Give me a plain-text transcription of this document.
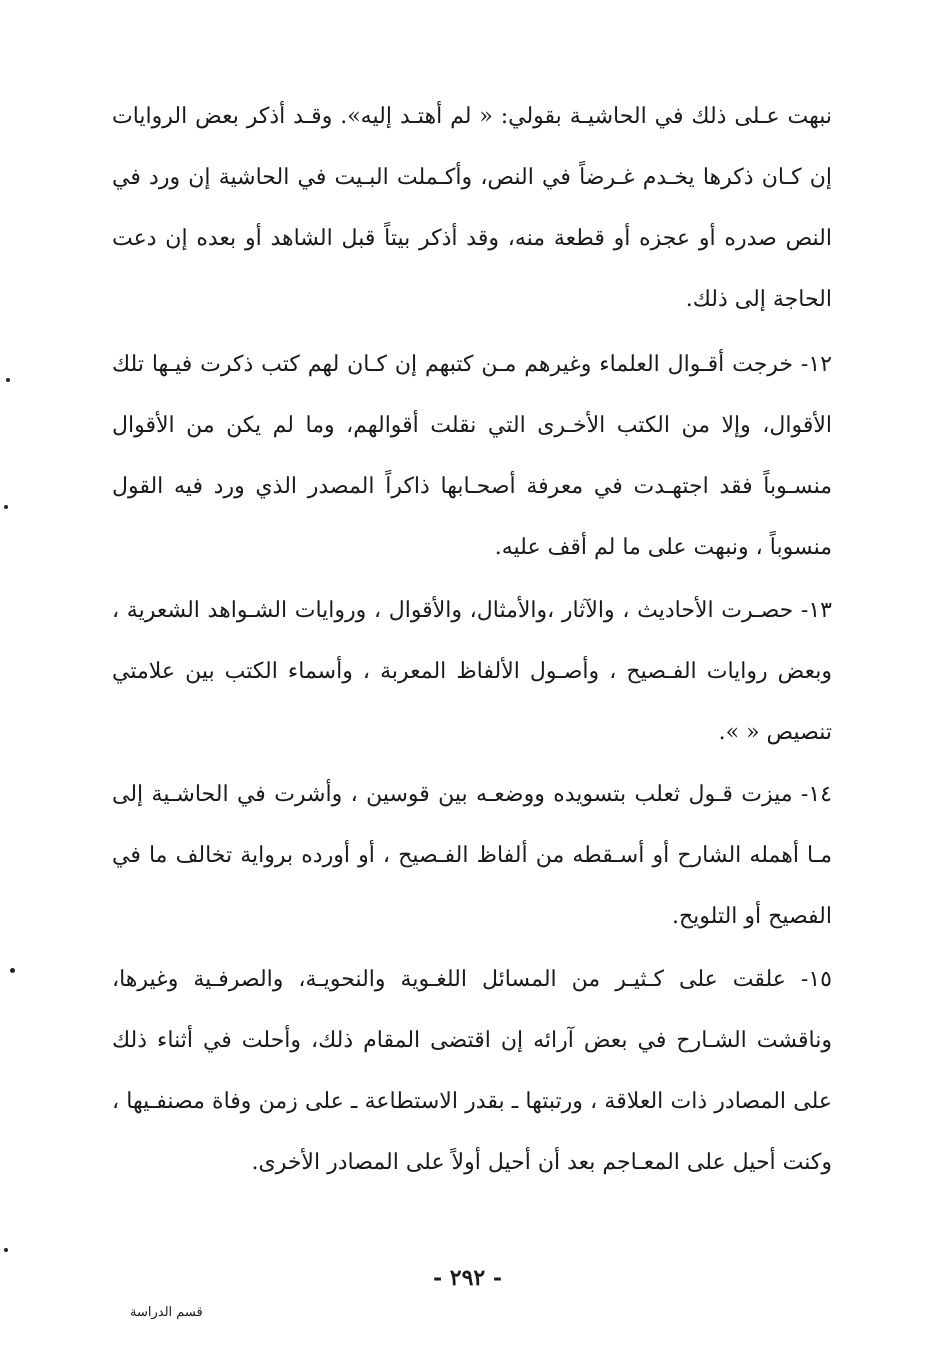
نبهت عـلى ذلك في الحاشيـة بقولي: « لم أهتـد إليه». وقـد أذكر بعض الروايات إن كـان ذكرها يخـدم غـرضاً في النص، وأكـملت البـيت في الحاشية إن ورد في النص صدره أو عجزه أو قطعة منه، وقد أذكر بيتاً قبل الشاهد أو بعده إن دعت الحاجة إلى ذلك.

١٢- خرجت أقـوال العلماء وغيرهم مـن كتبهم إن كـان لهم كتب ذكرت فيـها تلك الأقوال، وإلا من الكتب الأخـرى التي نقلت أقوالهم، وما لم يكن من الأقوال منسـوباً فقد اجتهـدت في معرفة أصحـابها ذاكراً المصدر الذي ورد فيه القول منسوباً ، ونبهت على ما لم أقف عليه.

١٣- حصـرت الأحاديث ، والآثار ،والأمثال، والأقوال ، وروايات الشـواهد الشعرية ، وبعض روايات الفـصيح ، وأصـول الألفاظ المعربة ، وأسماء الكتب بين علامتي تنصيص « ».

١٤- ميزت قـول ثعلب بتسويده ووضعـه بين قوسين ، وأشرت في الحاشـية إلى مـا أهمله الشارح أو أسـقطه من ألفاظ الفـصيح ، أو أورده برواية تخالف ما في الفصيح أو التلويح.

١٥- علقت على كـثيـر من المسائل اللغـوية والنحويـة، والصرفـية وغيرها، وناقشت الشـارح في بعض آرائه إن اقتضى المقام ذلك، وأحلت في أثناء ذلك على المصادر ذات العلاقة ، ورتبتها ـ بقدر الاستطاعة ـ على زمن وفاة مصنفـيها ، وكنت أحيل على المعـاجم بعد أن أحيل أولاً على المصادر الأخرى.

- ٢٩٢ -
قسم الدراسة
